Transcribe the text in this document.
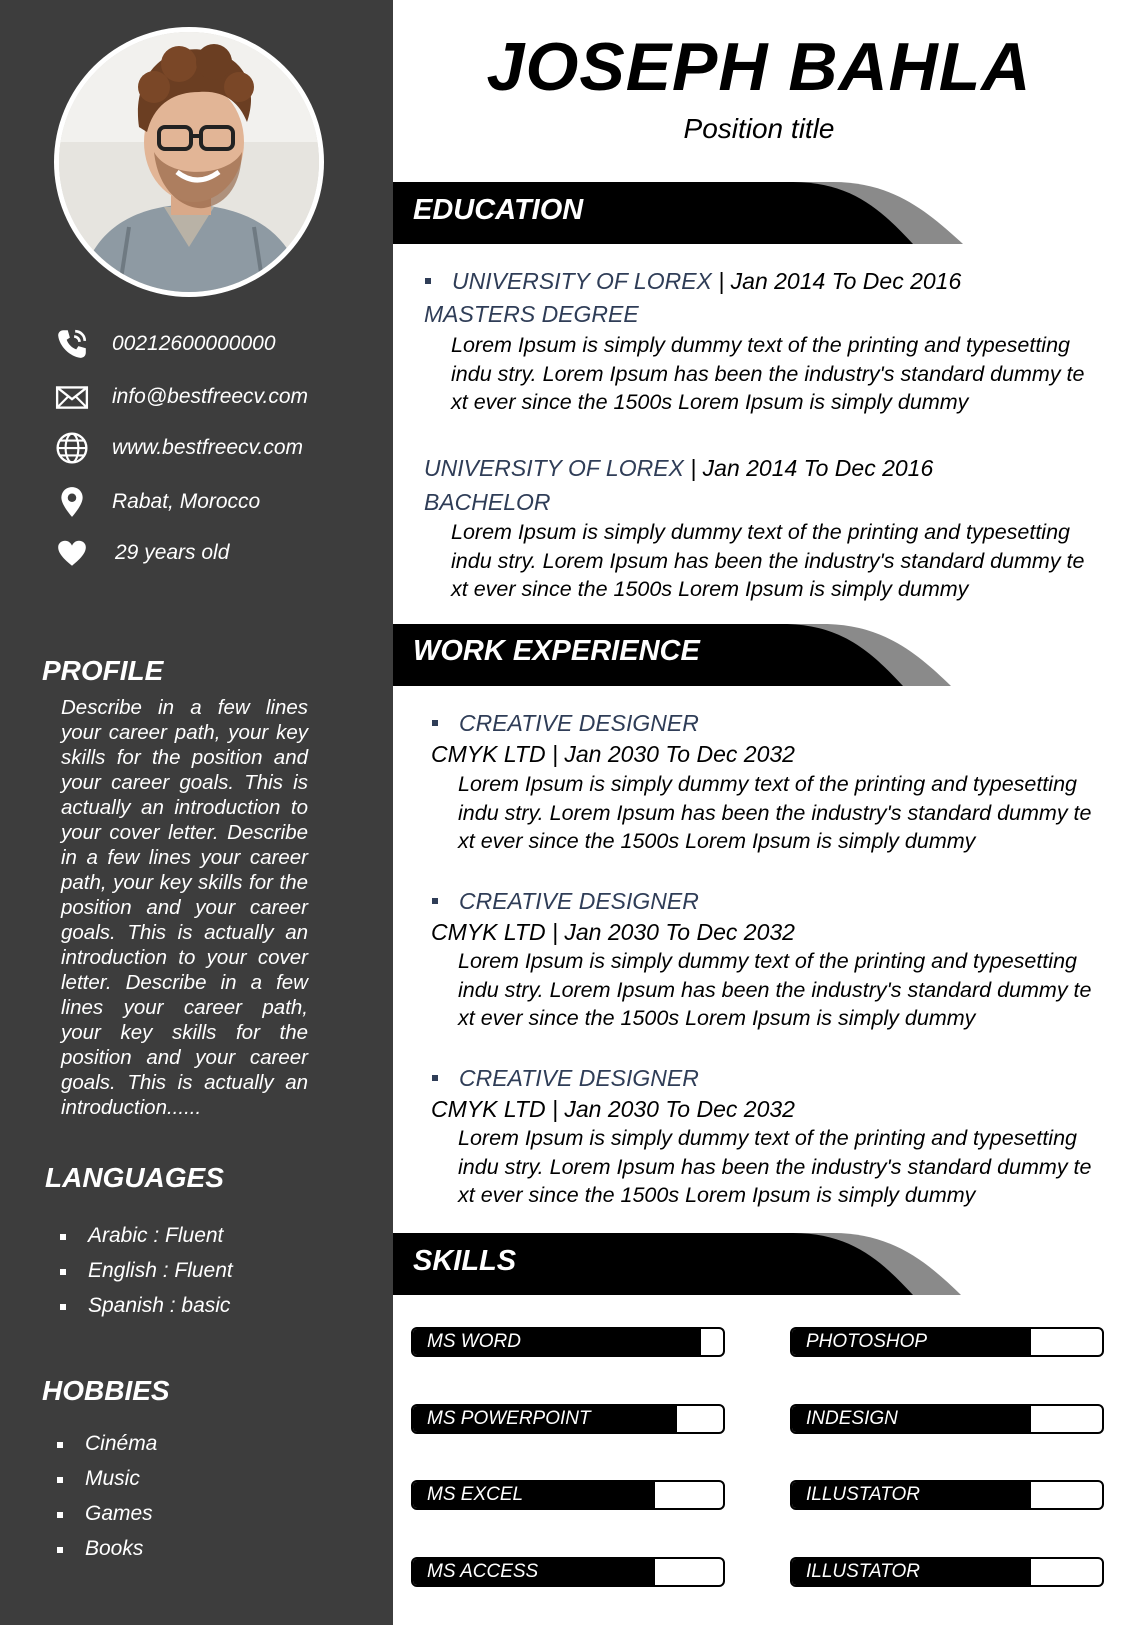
00212600000000
info@bestfreecv.com
www.bestfreecv.com
Rabat, Morocco
29 years old
PROFILE
Describe in a few lines your career path, your key skills for the position and your career goals. This is actually an introduction to your cover letter. Describe in a few lines your career path, your key skills for the position and your career goals. This is actually an introduction to your cover letter. Describe in a few lines your career path, your key skills for the position and your career goals. This is actually an introduction......
LANGUAGES
Arabic : Fluent
English : Fluent
Spanish : basic
HOBBIES
Cinéma
Music
Games
Books
JOSEPH BAHLA
Position title
EDUCATION
UNIVERSITY OF LOREX | Jan 2014 To Dec 2016
MASTERS DEGREE
Lorem Ipsum is simply dummy text of the printing and typesetting indu stry. Lorem Ipsum has been the industry's standard dummy te xt ever since the 1500s Lorem Ipsum is simply dummy
UNIVERSITY OF LOREX | Jan 2014 To Dec 2016
BACHELOR
Lorem Ipsum is simply dummy text of the printing and typesetting indu stry. Lorem Ipsum has been the industry's standard dummy te xt ever since the 1500s Lorem Ipsum is simply dummy
WORK EXPERIENCE
CREATIVE DESIGNER
CMYK LTD | Jan 2030 To Dec 2032
Lorem Ipsum is simply dummy text of the printing and typesetting indu stry. Lorem Ipsum has been the industry's standard dummy te xt ever since the 1500s Lorem Ipsum is simply dummy
CREATIVE DESIGNER
CMYK LTD | Jan 2030 To Dec 2032
Lorem Ipsum is simply dummy text of the printing and typesetting indu stry. Lorem Ipsum has been the industry's standard dummy te xt ever since the 1500s Lorem Ipsum is simply dummy
CREATIVE DESIGNER
CMYK LTD | Jan 2030 To Dec 2032
Lorem Ipsum is simply dummy text of the printing and typesetting indu stry. Lorem Ipsum has been the industry's standard dummy te xt ever since the 1500s Lorem Ipsum is simply dummy
SKILLS
MS WORD	PHOTOSHOP
MS POWERPOINT	INDESIGN
MS EXCEL	ILLUSTATOR
MS ACCESS	ILLUSTATOR
